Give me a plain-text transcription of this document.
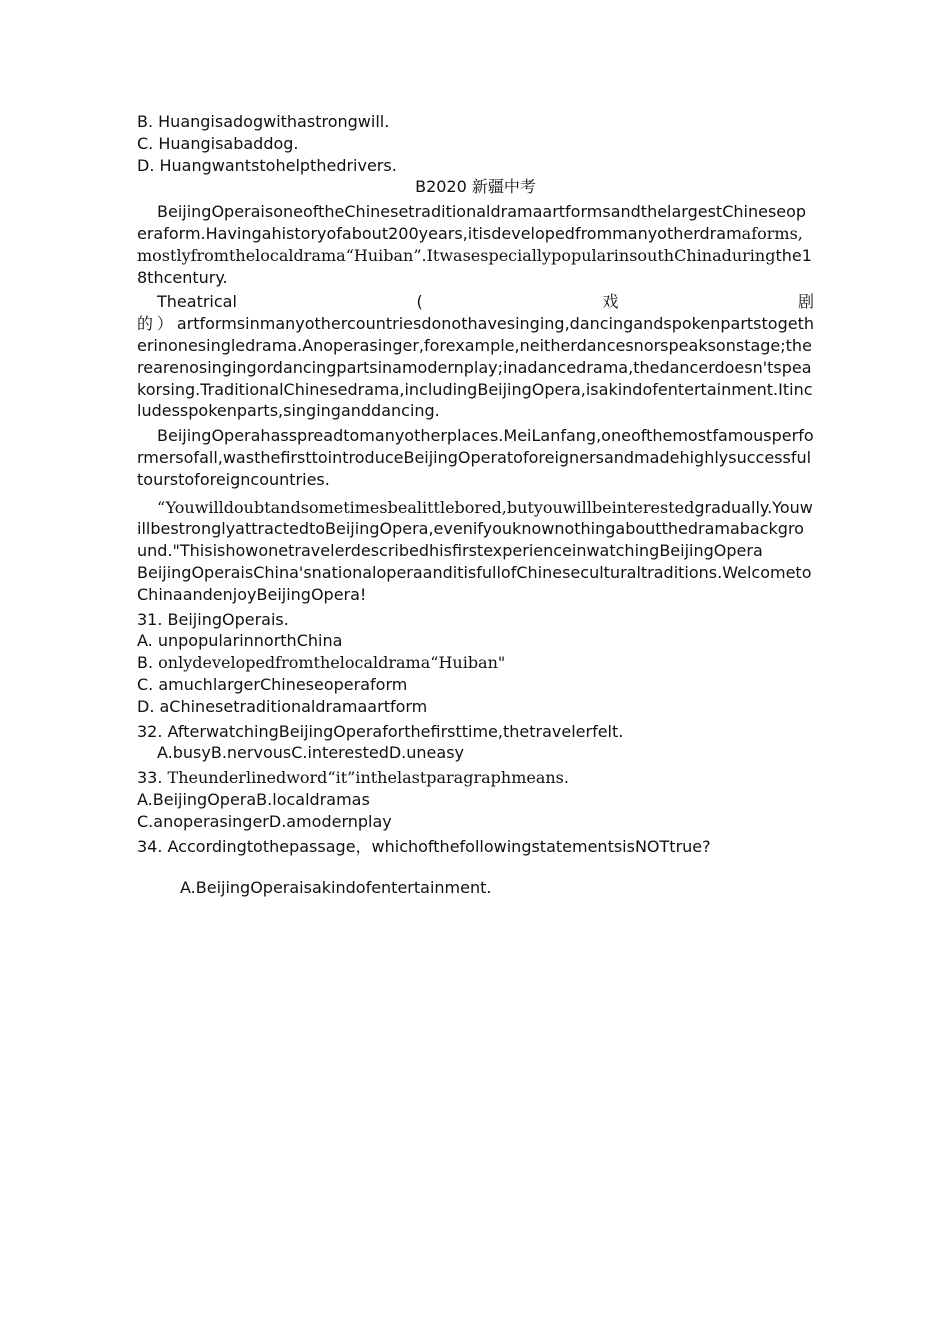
B. Huangisadogwithastrongwill.
C. Huangisabaddog.
D. Huangwantstohelpthedrivers.
B2020 新疆中考
BeijingOperaisoneoftheChinesetraditionaldramaartformsandthelargestChineseoperaform.Havingahistoryofabout200years,itisdevelopedfrommanyotherdramaforms,mostlyfromthelocaldrama“Huiban”.ItwasespeciallypopularinsouthChinaduringthe18thcentury.
Theatrical	(	戏	剧
的）artformsinmanyothercountriesdonothavesinging,dancingandspokenpartstogetherinonesingledrama.Anoperasinger,forexample,neitherdancesnorspeaksonstage;therearenosingingordancingpartsinamodernplay;inadancedrama,thedancerdoesn'tspeakorsing.TraditionalChinesedrama,includingBeijingOpera,isakindofentertainment.Itincludesspokenparts,singinganddancing.
BeijingOperahasspreadtomanyotherplaces.MeiLanfang,oneofthemostfamousperformersofall,wasthefirsttointroduceBeijingOperatoforeignersandmadehighlysuccessfultourstoforeigncountries.
“Youwilldoubtandsometimesbealittlebored,butyouwillbeinterestedgradually.YouwillbestronglyattractedtoBeijingOpera,evenifyouknownothingaboutthedramabackground."ThisishowonetravelerdescribedhisfirstexperienceinwatchingBeijingOpera
BeijingOperaisChina'snationaloperaanditisfullofChineseculturaltraditions.WelcometoChinaandenjoyBeijingOpera!
31. BeijingOperais.
A. unpopularinnorthChina
B. onlydevelopedfromthelocaldrama“Huiban"
C. amuchlargerChineseoperaform
D. aChinesetraditionaldramaartform
32. AfterwatchingBeijingOperaforthefirsttime,thetravelerfelt.
A.busyB.nervousC.interestedD.uneasy
33. Theunderlinedword“it”inthelastparagraphmeans.
A.BeijingOperaB.localdramas
C.anoperasingerD.amodernplay
34. Accordingtothepassage，whichofthefollowingstatementsisNOTtrue?
A.BeijingOperaisakindofentertainment.
